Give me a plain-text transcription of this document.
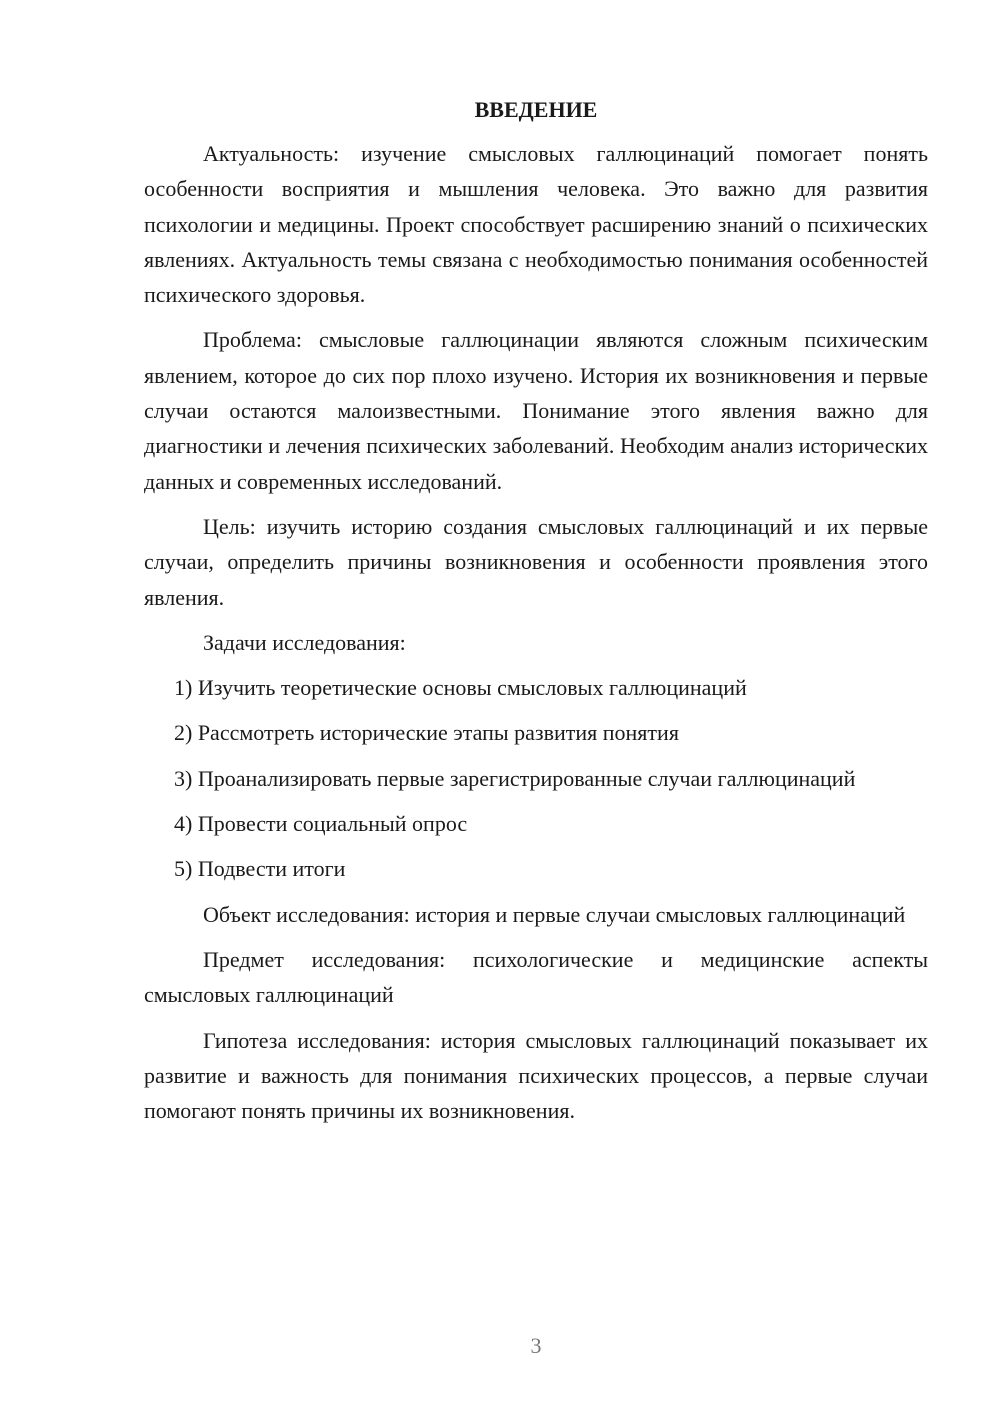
ВВЕДЕНИЕ
Актуальность: изучение смысловых галлюцинаций помогает понять особенности восприятия и мышления человека. Это важно для развития психологии и медицины. Проект способствует расширению знаний о психических явлениях. Актуальность темы связана с необходимостью понимания особенностей психического здоровья.
Проблема: смысловые галлюцинации являются сложным психическим явлением, которое до сих пор плохо изучено. История их возникновения и первые случаи остаются малоизвестными. Понимание этого явления важно для диагностики и лечения психических заболеваний. Необходим анализ исторических данных и современных исследований.
Цель: изучить историю создания смысловых галлюцинаций и их первые случаи, определить причины возникновения и особенности проявления этого явления.
Задачи исследования:
1) Изучить теоретические основы смысловых галлюцинаций
2) Рассмотреть исторические этапы развития понятия
3) Проанализировать первые зарегистрированные случаи галлюцинаций
4) Провести социальный опрос
5) Подвести итоги
Объект исследования: история и первые случаи смысловых галлюцинаций
Предмет исследования: психологические и медицинские аспекты смысловых галлюцинаций
Гипотеза исследования: история смысловых галлюцинаций показывает их развитие и важность для понимания психических процессов, а первые случаи помогают понять причины их возникновения.
3
